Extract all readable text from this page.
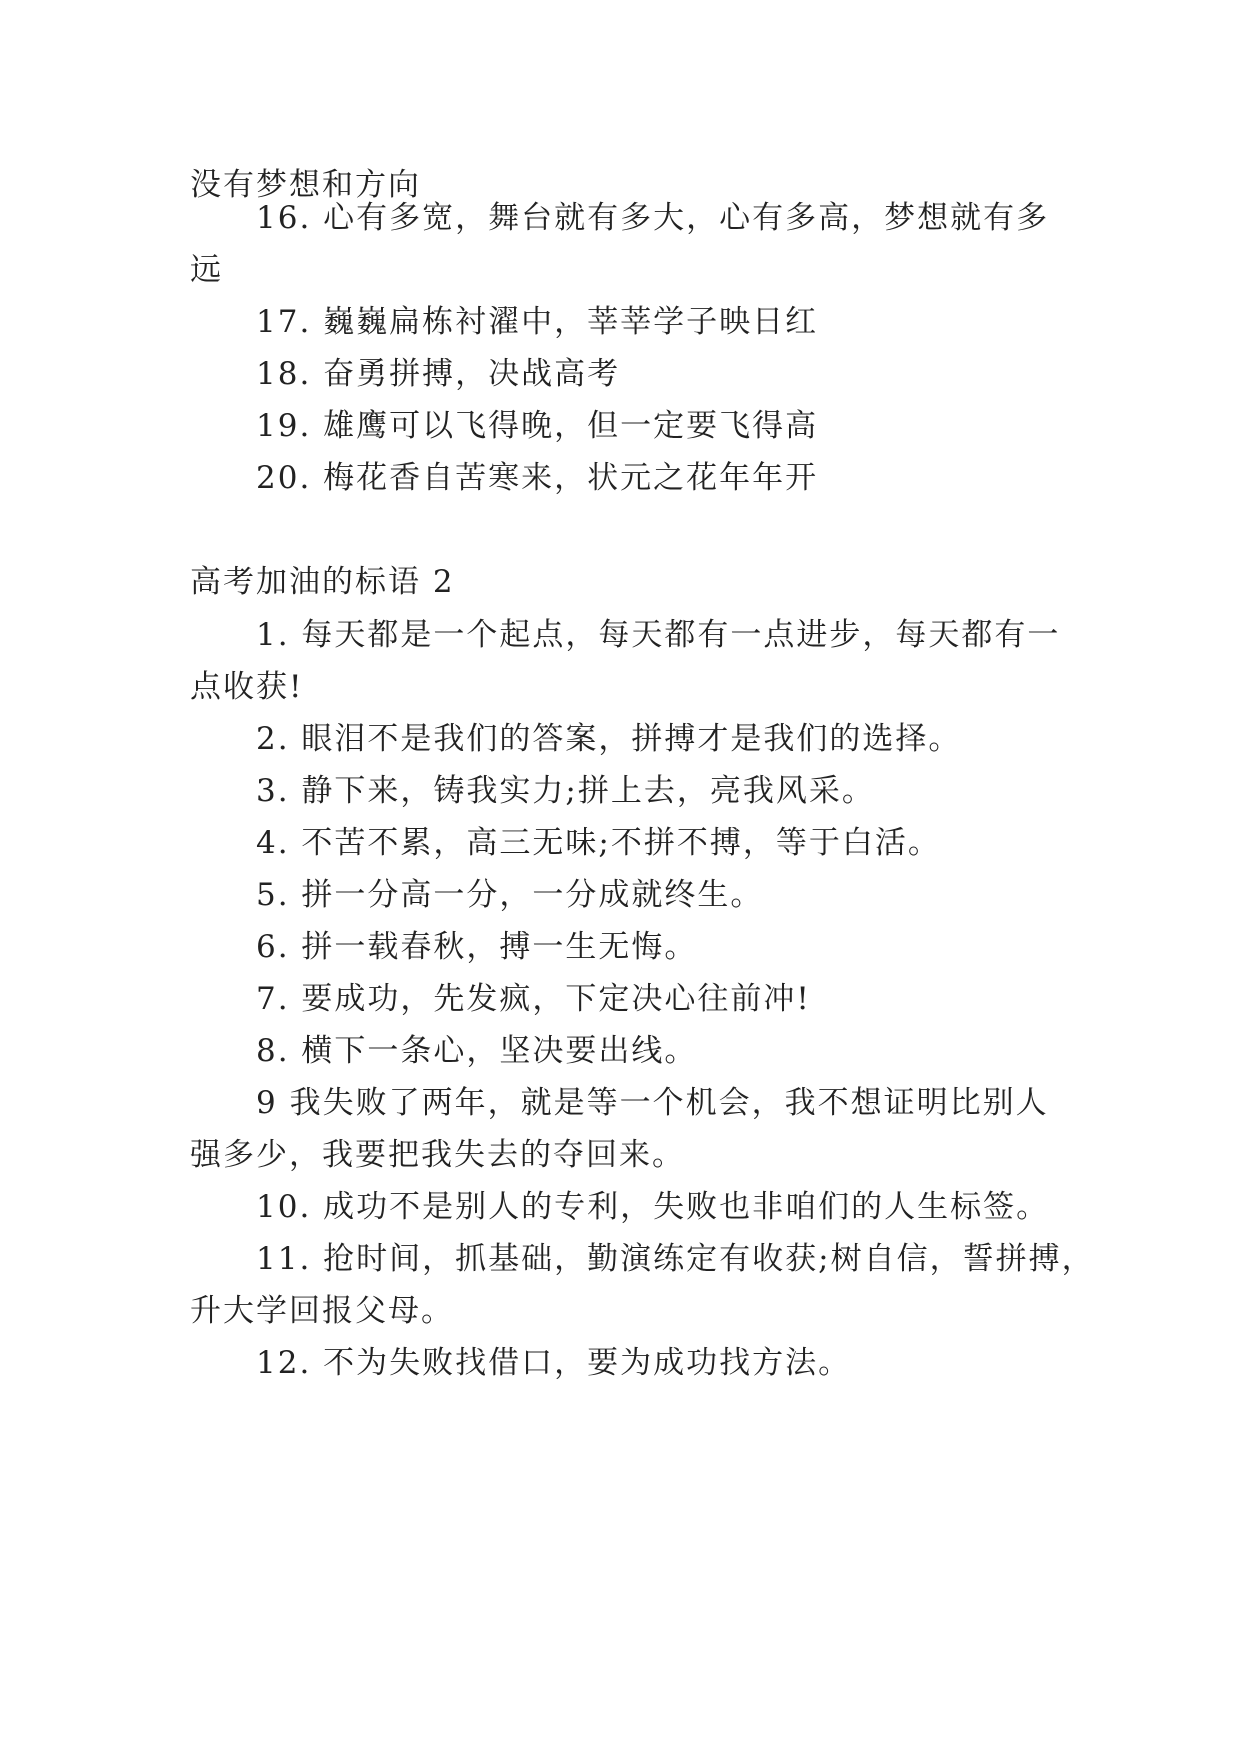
没有梦想和方向
16. 心有多宽，舞台就有多大，心有多高，梦想就有多
远
17. 巍巍扁栋衬濯中，莘莘学子映日红
18. 奋勇拼搏，决战高考
19. 雄鹰可以飞得晚，但一定要飞得高
20. 梅花香自苦寒来，状元之花年年开
高考加油的标语 2
1. 每天都是一个起点，每天都有一点进步，每天都有一
点收获!
2. 眼泪不是我们的答案，拼搏才是我们的选择。
3. 静下来，铸我实力;拼上去，亮我风采。
4. 不苦不累，高三无味;不拼不搏，等于白活。
5. 拼一分高一分，一分成就终生。
6. 拼一载春秋，搏一生无悔。
7. 要成功，先发疯，下定决心往前冲!
8. 横下一条心，坚决要出线。
9 我失败了两年，就是等一个机会，我不想证明比别人
强多少，我要把我失去的夺回来。
10. 成功不是别人的专利，失败也非咱们的人生标签。
11. 抢时间，抓基础，勤演练定有收获;树自信，誓拼搏，
升大学回报父母。
12. 不为失败找借口，要为成功找方法。
